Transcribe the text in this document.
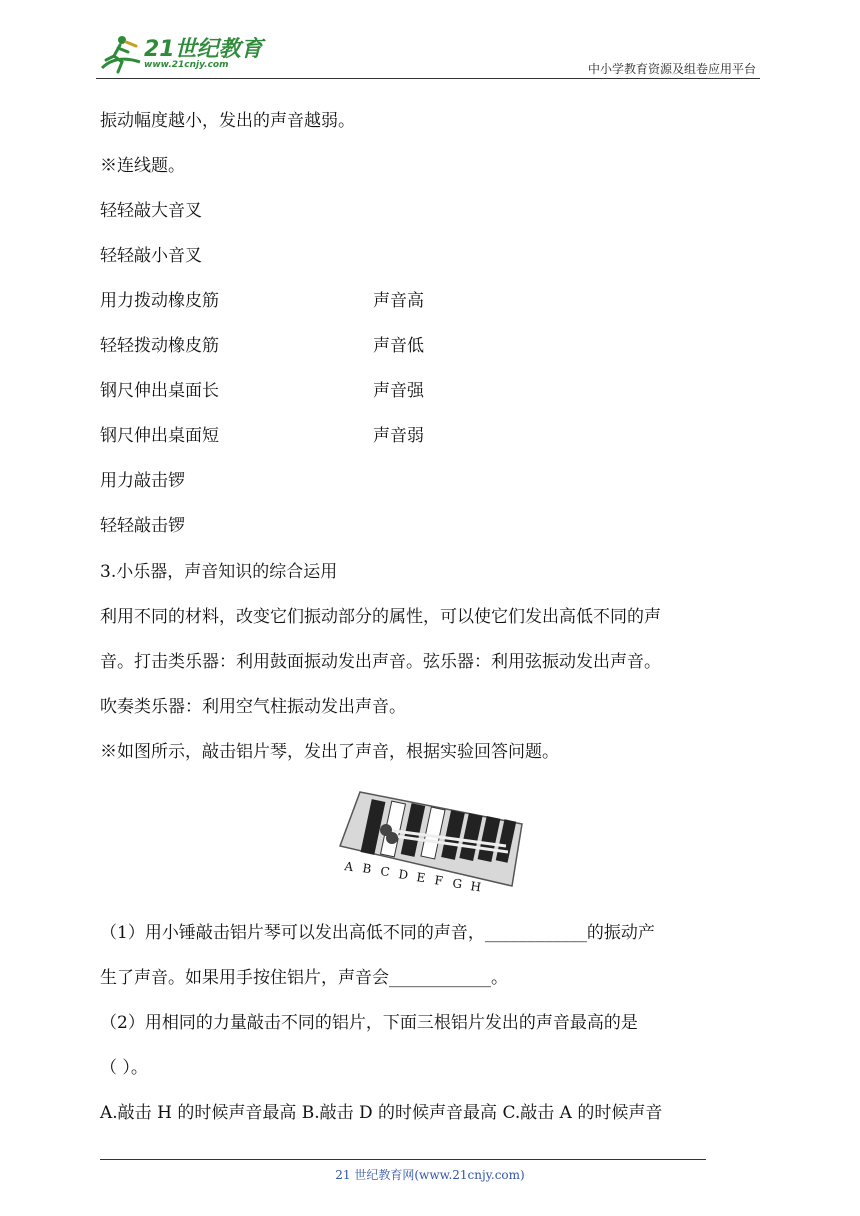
21世纪教育
www.21cnjy.com	中小学教育资源及组卷应用平台
振动幅度越小，发出的声音越弱。
※连线题。
轻轻敲大音叉
轻轻敲小音叉
用力拨动橡皮筋	声音高
轻轻拨动橡皮筋	声音低
钢尺伸出桌面长	声音强
钢尺伸出桌面短	声音弱
用力敲击锣
轻轻敲击锣
3.小乐器，声音知识的综合运用
利用不同的材料，改变它们振动部分的属性，可以使它们发出高低不同的声
音。打击类乐器：利用鼓面振动发出声音。弦乐器：利用弦振动发出声音。
吹奏类乐器：利用空气柱振动发出声音。
※如图所示，敲击铝片琴，发出了声音，根据实验回答问题。
A B C D E F G H
（1）用小锤敲击铝片琴可以发出高低不同的声音，____________的振动产
生了声音。如果用手按住铝片，声音会____________。
（2）用相同的力量敲击不同的铝片，下面三根铝片发出的声音最高的是
（ ）。
A.敲击 H 的时候声音最高 B.敲击 D 的时候声音最高 C.敲击 A 的时候声音
21 世纪教育网(www.21cnjy.com)
